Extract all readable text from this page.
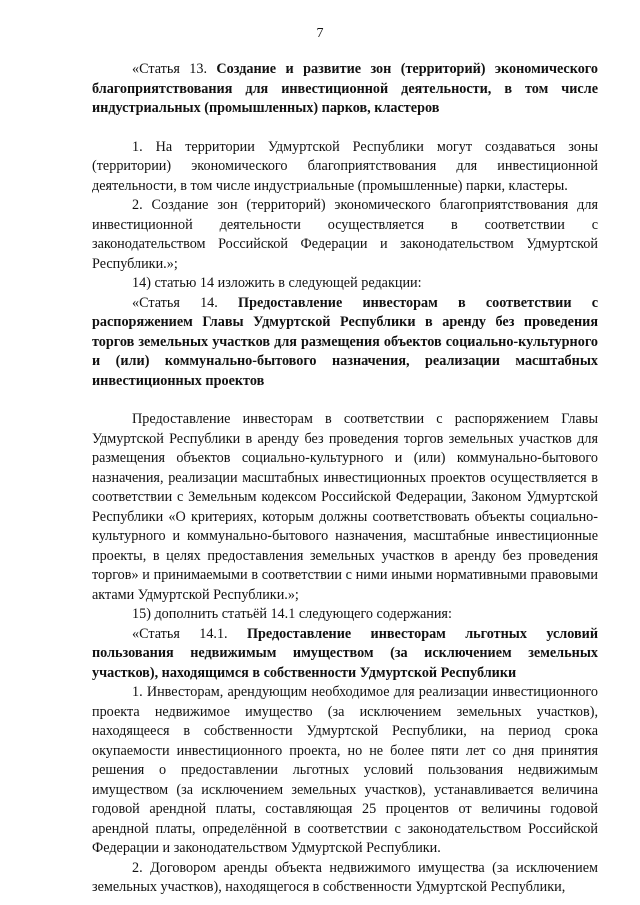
7

«Статья 13. Создание и развитие зон (территорий) экономического благоприятствования для инвестиционной деятельности, в том числе индустриальных (промышленных) парков, кластеров

1. На территории Удмуртской Республики могут создаваться зоны (территории) экономического благоприятствования для инвестиционной деятельности, в том числе индустриальные (промышленные) парки, кластеры.

2. Создание зон (территорий) экономического благоприятствования для инвестиционной деятельности осуществляется в соответствии с законодательством Российской Федерации и законодательством Удмуртской Республики.»;

14) статью 14 изложить в следующей редакции:

«Статья 14. Предоставление инвесторам в соответствии с распоряжением Главы Удмуртской Республики в аренду без проведения торгов земельных участков для размещения объектов социально-культурного и (или) коммунально-бытового назначения, реализации масштабных инвестиционных проектов

Предоставление инвесторам в соответствии с распоряжением Главы Удмуртской Республики в аренду без проведения торгов земельных участков для размещения объектов социально-культурного и (или) коммунально-бытового назначения, реализации масштабных инвестиционных проектов осуществляется в соответствии с Земельным кодексом Российской Федерации, Законом Удмуртской Республики «О критериях, которым должны соответствовать объекты социально-культурного и коммунально-бытового назначения, масштабные инвестиционные проекты, в целях предоставления земельных участков в аренду без проведения торгов» и принимаемыми в соответствии с ними иными нормативными правовыми актами Удмуртской Республики.»;

15) дополнить статьёй 14.1 следующего содержания:

«Статья 14.1. Предоставление инвесторам льготных условий пользования недвижимым имуществом (за исключением земельных участков), находящимся в собственности Удмуртской Республики

1. Инвесторам, арендующим необходимое для реализации инвестиционного проекта недвижимое имущество (за исключением земельных участков), находящееся в собственности Удмуртской Республики, на период срока окупаемости инвестиционного проекта, но не более пяти лет со дня принятия решения о предоставлении льготных условий пользования недвижимым имуществом (за исключением земельных участков), устанавливается величина годовой арендной платы, составляющая 25 процентов от величины годовой арендной платы, определённой в соответствии с законодательством Российской Федерации и законодательством Удмуртской Республики.

2. Договором аренды объекта недвижимого имущества (за исключением земельных участков), находящегося в собственности Удмуртской Республики,
